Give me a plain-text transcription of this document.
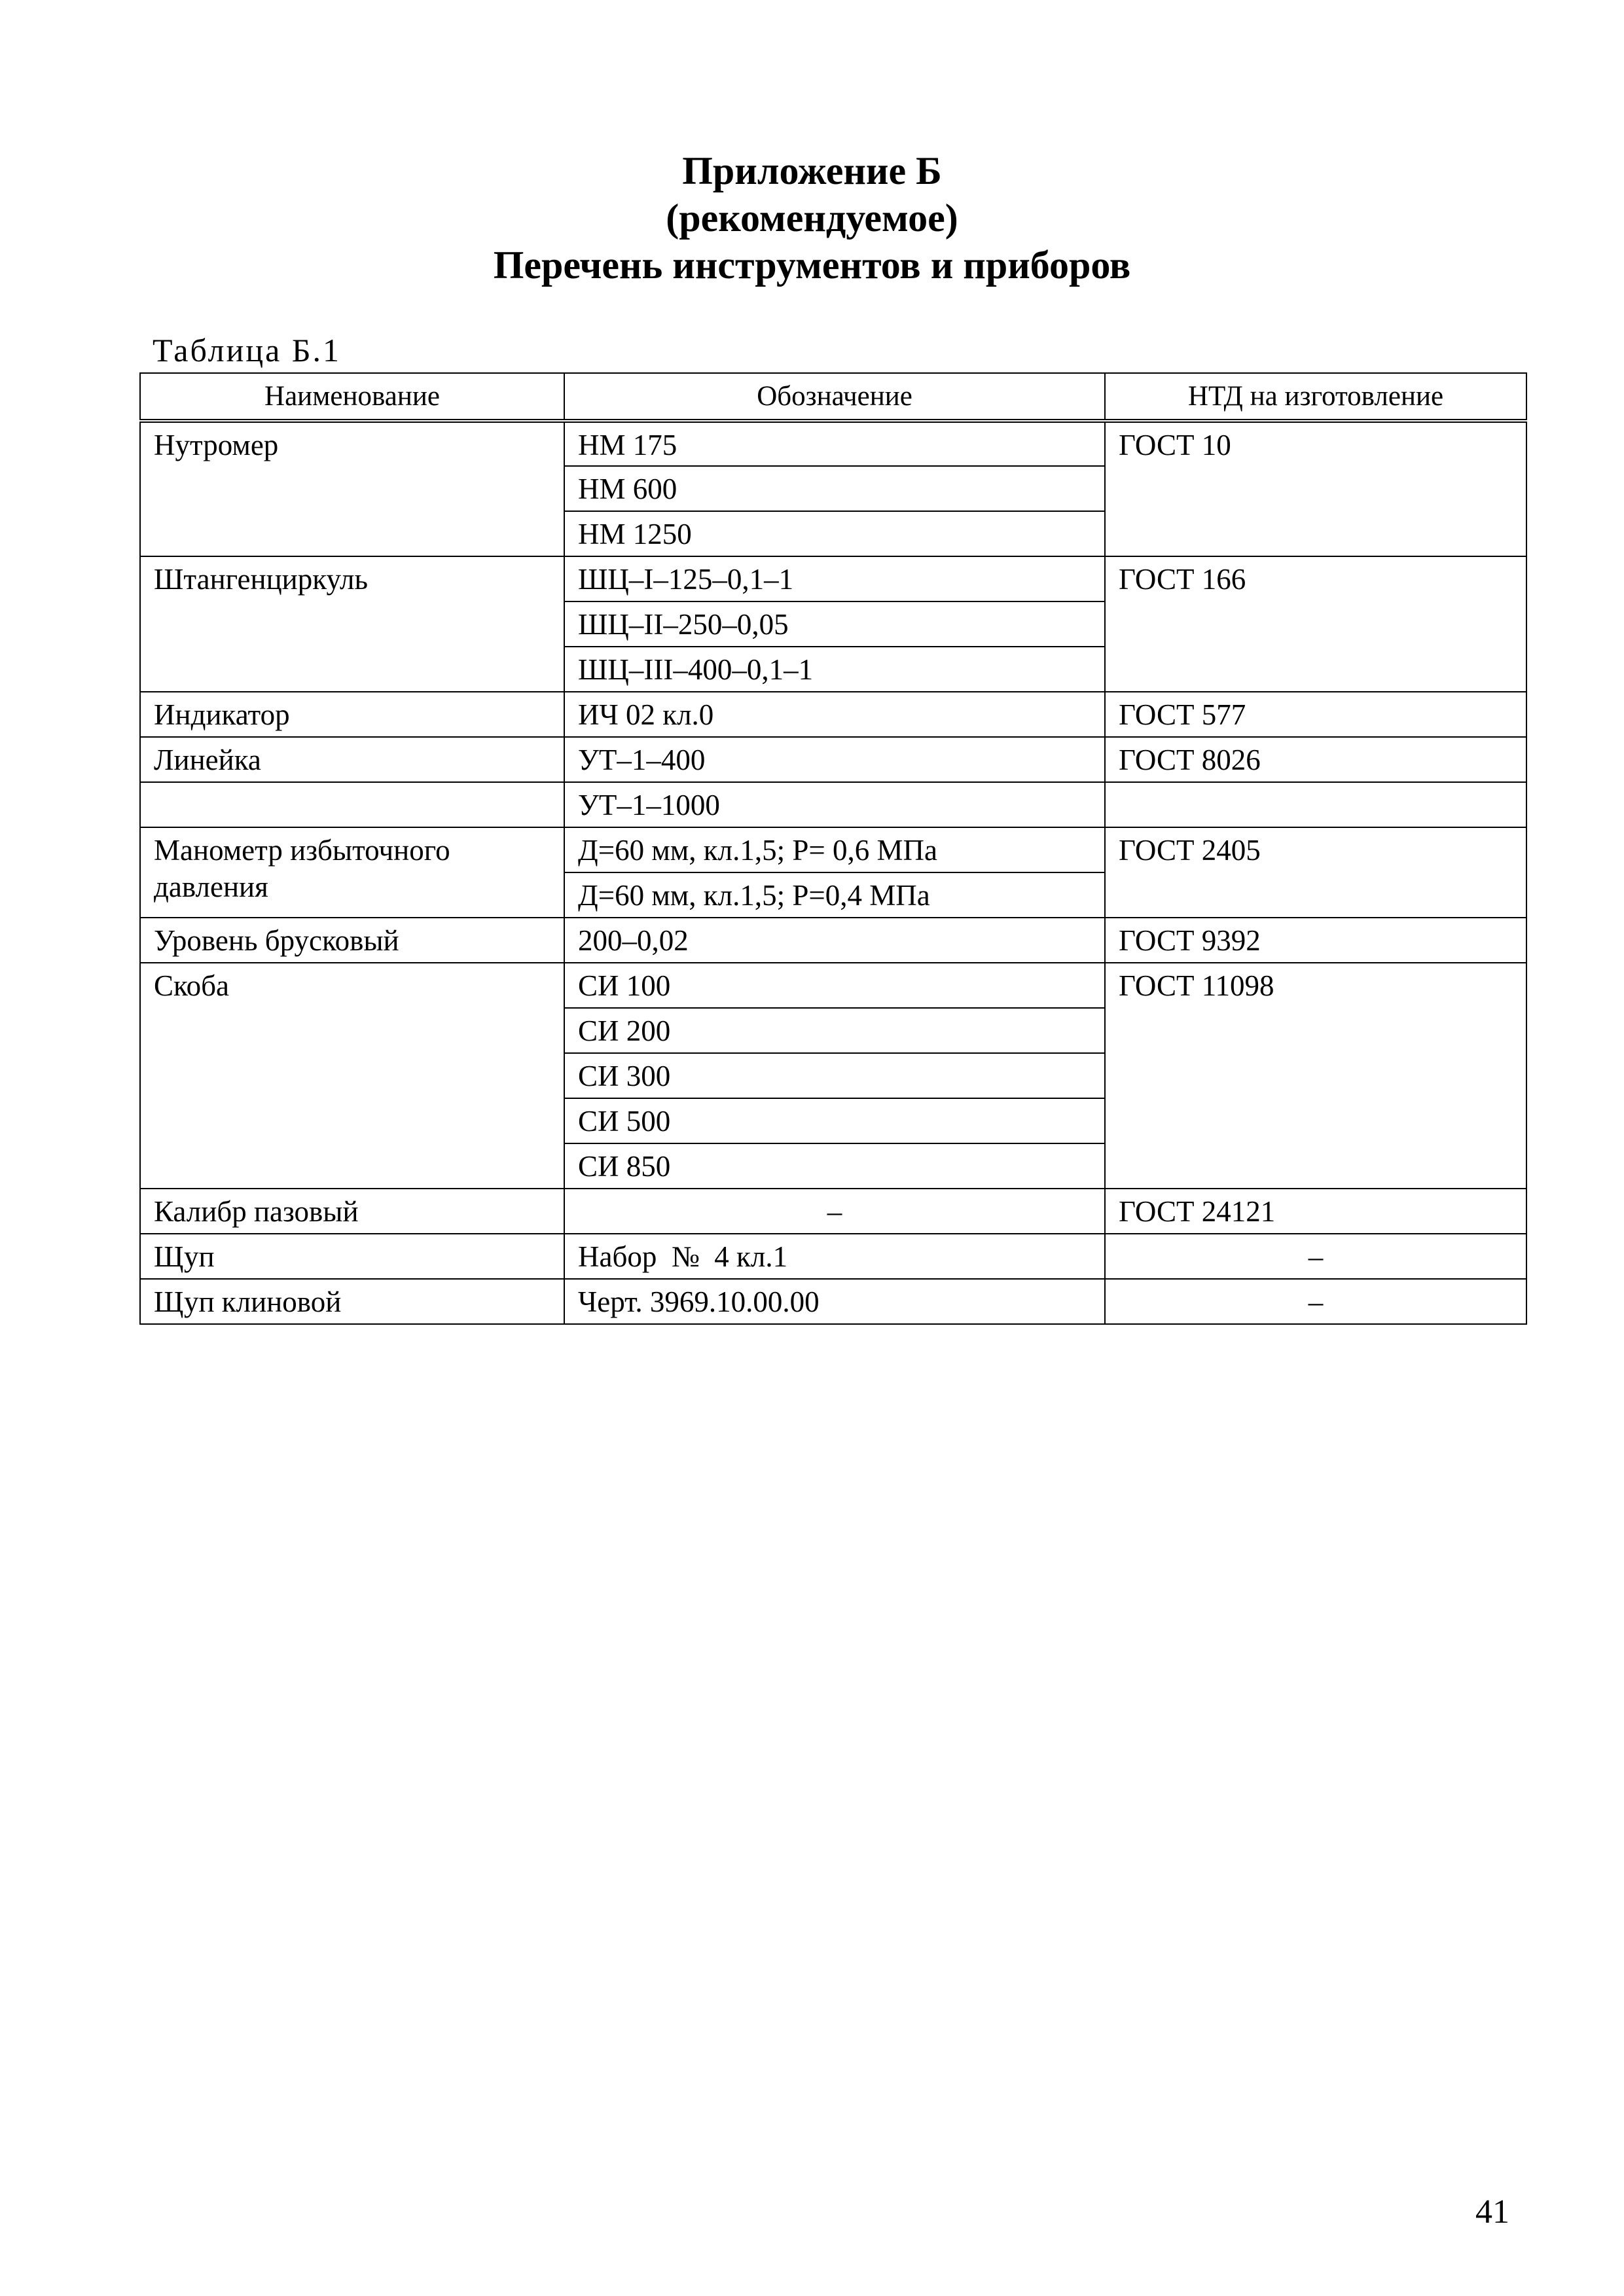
Приложение Б
(рекомендуемое)
Перечень инструментов и приборов
Таблица Б.1
Наименование	Обозначение	НТД на изготовление
Нутромер	НМ 175	ГОСТ 10
	НМ 600	
	НМ 1250	
Штангенциркуль	ШЦ–I–125–0,1–1	ГОСТ 166
	ШЦ–II–250–0,05	
	ШЦ–III–400–0,1–1	
Индикатор	ИЧ 02 кл.0	ГОСТ 577
Линейка	УТ–1–400	ГОСТ 8026
	УТ–1–1000	
Манометр избыточного давления	Д=60 мм, кл.1,5; Р= 0,6 МПа	ГОСТ 2405
	Д=60 мм, кл.1,5; Р=0,4 МПа	
Уровень брусковый	200–0,02	ГОСТ 9392
Скоба	СИ 100	ГОСТ 11098
	СИ 200	
	СИ 300	
	СИ 500	
	СИ 850	
Калибр пазовый	–	ГОСТ 24121
Щуп	Набор  №  4 кл.1	–
Щуп клиновой	Черт. 3969.10.00.00	–
41
